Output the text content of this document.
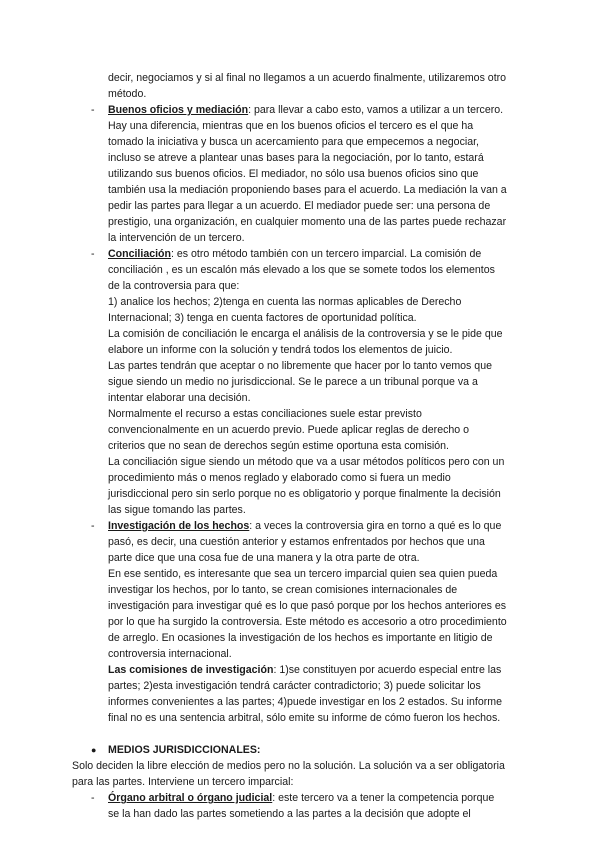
decir, negociamos y si al final no llegamos a un acuerdo finalmente, utilizaremos otro
método.
- Buenos oficios y mediación: para llevar a cabo esto, vamos a utilizar a un tercero.
Hay una diferencia, mientras que en los buenos oficios el tercero es el que ha
tomado la iniciativa y busca un acercamiento para que empecemos a negociar,
incluso se atreve a plantear unas bases para la negociación, por lo tanto, estará
utilizando sus buenos oficios. El mediador, no sólo usa buenos oficios sino que
también usa la mediación proponiendo bases para el acuerdo. La mediación la van a
pedir las partes para llegar a un acuerdo. El mediador puede ser: una persona de
prestigio, una organización, en cualquier momento una de las partes puede rechazar
la intervención de un tercero.
- Conciliación: es otro método también con un tercero imparcial. La comisión de
conciliación , es un escalón más elevado a los que se somete todos los elementos
de la controversia para que:
1) analice los hechos; 2)tenga en cuenta las normas aplicables de Derecho
Internacional; 3) tenga en cuenta factores de oportunidad política.
La comisión de conciliación le encarga el análisis de la controversia y se le pide que
elabore un informe con la solución y tendrá todos los elementos de juicio.
Las partes tendrán que aceptar o no libremente que hacer por lo tanto vemos que
sigue siendo un medio no jurisdiccional. Se le parece a un tribunal porque va a
intentar elaborar una decisión.
Normalmente el recurso a estas conciliaciones suele estar previsto
convencionalmente en un acuerdo previo. Puede aplicar reglas de derecho o
criterios que no sean de derechos según estime oportuna esta comisión.
La conciliación sigue siendo un método que va a usar métodos políticos pero con un
procedimiento más o menos reglado y elaborado como si fuera un medio
jurisdiccional pero sin serlo porque no es obligatorio y porque finalmente la decisión
las sigue tomando las partes.
- Investigación de los hechos: a veces la controversia gira en torno a qué es lo que
pasó, es decir, una cuestión anterior y estamos enfrentados por hechos que una
parte dice que una cosa fue de una manera y la otra parte de otra.
En ese sentido, es interesante que sea un tercero imparcial quien sea quien pueda
investigar los hechos, por lo tanto, se crean comisiones internacionales de
investigación para investigar qué es lo que pasó porque por los hechos anteriores es
por lo que ha surgido la controversia. Este método es accesorio a otro procedimiento
de arreglo. En ocasiones la investigación de los hechos es importante en litigio de
controversia internacional.
Las comisiones de investigación: 1)se constituyen por acuerdo especial entre las
partes; 2)esta investigación tendrá carácter contradictorio; 3) puede solicitar los
informes convenientes a las partes; 4)puede investigar en los 2 estados. Su informe
final no es una sentencia arbitral, sólo emite su informe de cómo fueron los hechos.
● MEDIOS JURISDICCIONALES:
Solo deciden la libre elección de medios pero no la solución. La solución va a ser obligatoria
para las partes. Interviene un tercero imparcial:
- Órgano arbitral o órgano judicial: este tercero va a tener la competencia porque
se la han dado las partes sometiendo a las partes a la decisión que adopte el
